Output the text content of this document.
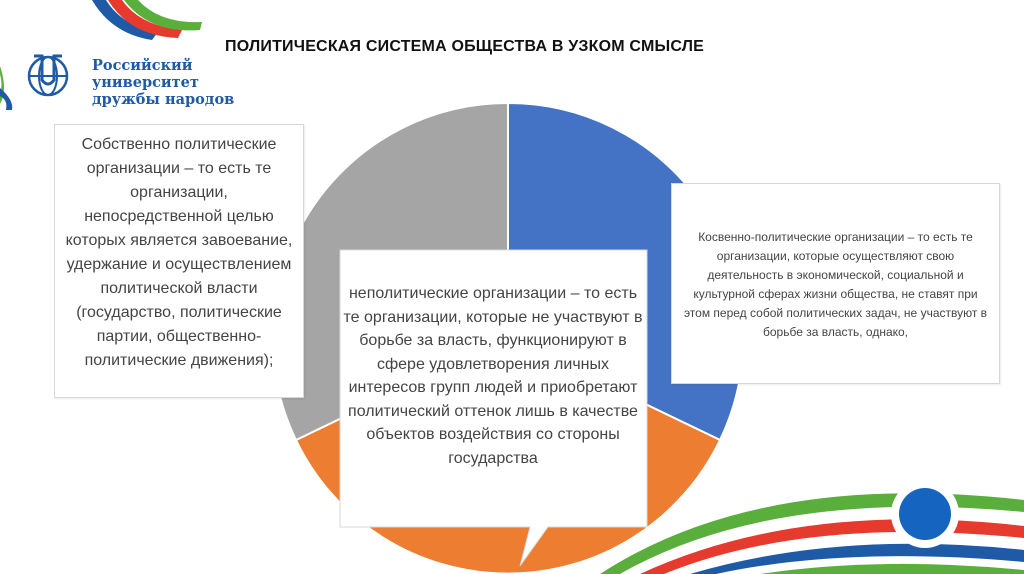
Российский университет
дружбы народов
ПОЛИТИЧЕСКАЯ СИСТЕМА ОБЩЕСТВА В УЗКОМ СМЫСЛЕ

Собственно политические организации – то есть те организации, непосредственной целью которых является завоевание, удержание и осуществлением политической власти (государство, политические партии, общественно-политические движения);

Косвенно-политические организации – то есть те организации, которые осуществляют свою деятельность в экономической, социальной и культурной сферах жизни общества, не ставят при этом перед собой политических задач, не участвуют в борьбе за власть, однако,

неполитические организации – то есть те организации, которые не участвуют в борьбе за власть, функционируют в сфере удовлетворения личных интересов групп людей и приобретают политический оттенок лишь в качестве объектов воздействия со стороны государства
